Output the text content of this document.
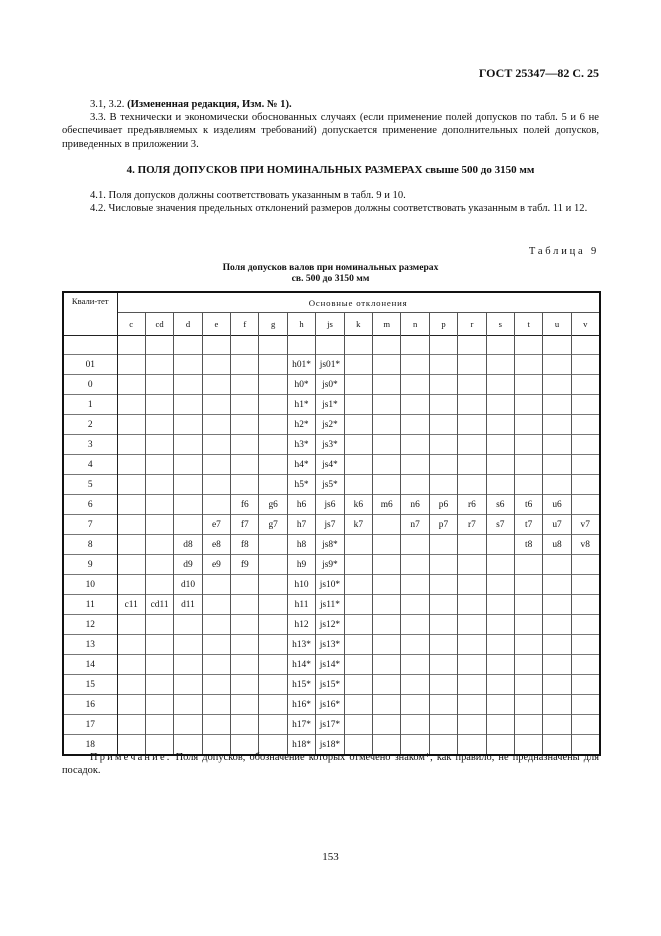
ГОСТ 25347—82 С. 25
3.1, 3.2. (Измененная редакция, Изм. № 1).
3.3. В технически и экономически обоснованных случаях (если применение полей допусков по табл. 5 и 6 не обеспечивает предъявляемых к изделиям требований) допускается применение дополнительных полей допусков, приведенных в приложении 3.
4. ПОЛЯ ДОПУСКОВ ПРИ НОМИНАЛЬНЫХ РАЗМЕРАХ свыше 500 до 3150 мм
4.1. Поля допусков должны соответствовать указанным в табл. 9 и 10.
4.2. Числовые значения предельных отклонений размеров должны соответствовать указанным в табл. 11 и 12.
Таблица 9
Поля допусков валов при номинальных размерах
св. 500 до 3150 мм
Квали-тет	Основные отклонения																
	c	cd	d	e	f	g	h	js	k	m	n	p	r	s	t	u	v

01							h01*	js01*									
0							h0*	js0*									
1							h1*	js1*									
2							h2*	js2*									
3							h3*	js3*									
4							h4*	js4*									
5							h5*	js5*									
6					f6	g6	h6	js6	k6	m6	n6	p6	r6	s6	t6	u6	
7				e7	f7	g7	h7	js7	k7		n7	p7	r7	s7	t7	u7	v7
8			d8	e8	f8		h8	js8*							t8	u8	v8
9			d9	e9	f9		h9	js9*									
10			d10				h10	js10*									
11	c11	cd11	d11				h11	js11*									
12							h12	js12*									
13							h13*	js13*									
14							h14*	js14*									
15							h15*	js15*									
16							h16*	js16*									
17							h17*	js17*									
18							h18*	js18*									
Примечание. Поля допусков, обозначение которых отмечено знаком*, как правило, не предназначены для посадок.
153
